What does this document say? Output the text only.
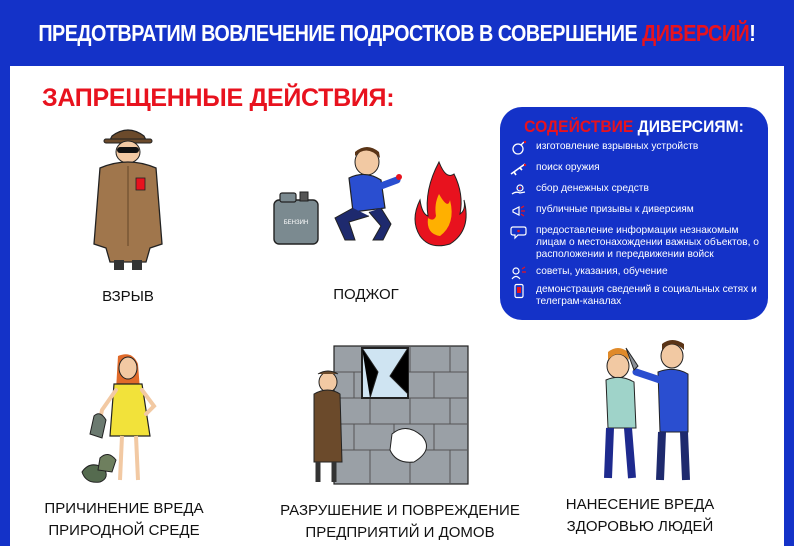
ПРЕДОТВРАТИМ ВОВЛЕЧЕНИЕ ПОДРОСТКОВ В СОВЕРШЕНИЕ ДИВЕРСИЙ!
ЗАПРЕЩЕННЫЕ ДЕЙСТВИЯ:
СОДЕЙСТВИЕ ДИВЕРСИЯМ:
изготовление взрывных устройств
поиск оружия
сбор денежных средств
публичные призывы к диверсиям
предоставление информации незнакомым лицам о местонахождении важных объектов, о расположении и передвижении войск
советы, указания, обучение
демонстрация сведений в социальных сетях и телеграм-каналах
ВЗРЫВ
БЕНЗИН
ПОДЖОГ
ПРИЧИНЕНИЕ ВРЕДА
ПРИРОДНОЙ СРЕДЕ
РАЗРУШЕНИЕ И ПОВРЕЖДЕНИЕ
ПРЕДПРИЯТИЙ И ДОМОВ
НАНЕСЕНИЕ ВРЕДА
ЗДОРОВЬЮ ЛЮДЕЙ
